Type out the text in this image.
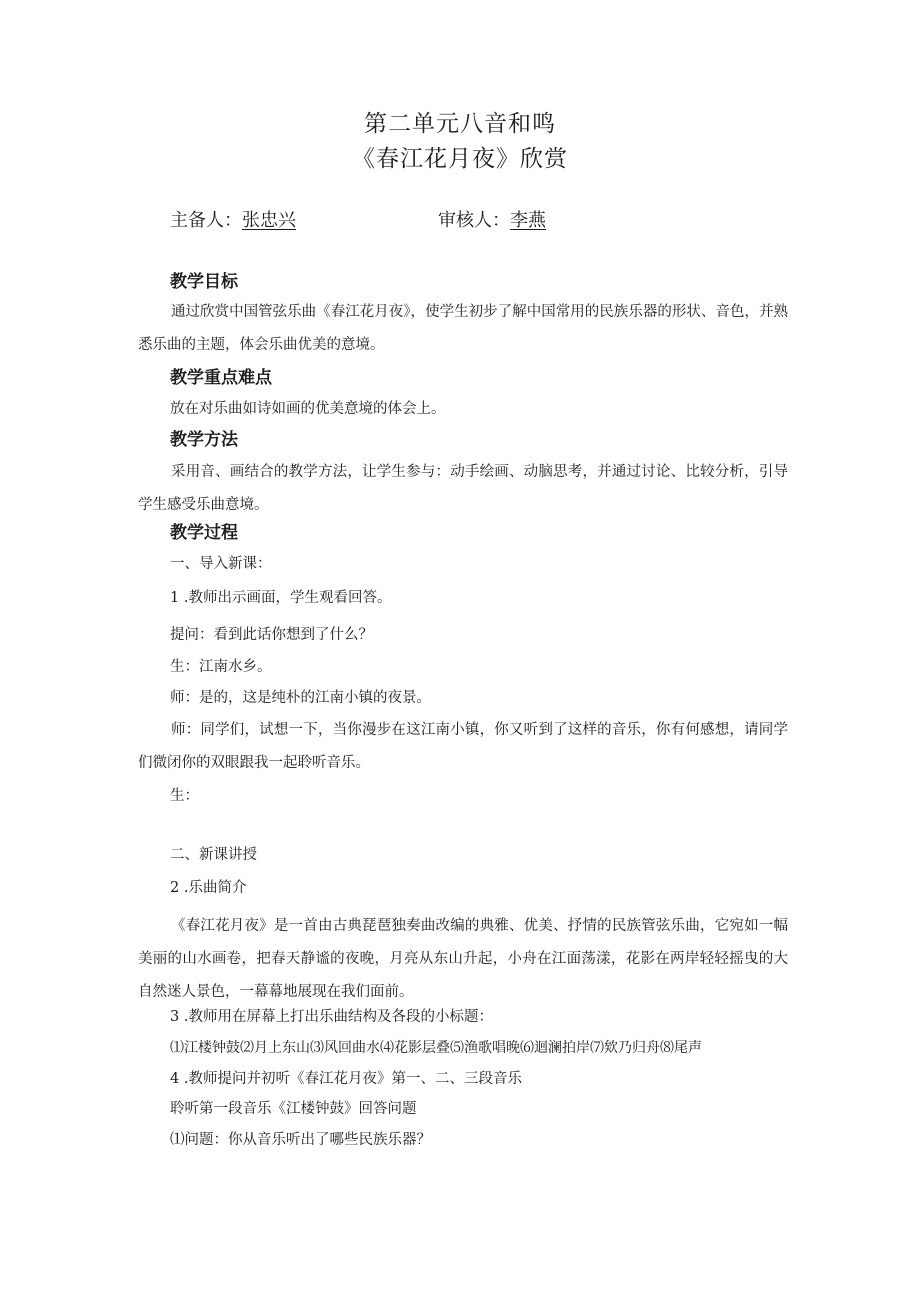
第二单元八音和鸣
《春江花月夜》欣赏
主备人：张忠兴	审核人：李燕
教学目标
通过欣赏中国管弦乐曲《春江花月夜》，使学生初步了解中国常用的民族乐器的形状、音色，并熟悉乐曲的主题，体会乐曲优美的意境。
教学重点难点
放在对乐曲如诗如画的优美意境的体会上。
教学方法
采用音、画结合的教学方法，让学生参与：动手绘画、动脑思考，并通过讨论、比较分析，引导学生感受乐曲意境。
教学过程
一、导入新课：
1 .教师出示画面，学生观看回答。
提问：看到此话你想到了什么？
生：江南水乡。
师：是的，这是纯朴的江南小镇的夜景。
师：同学们，试想一下，当你漫步在这江南小镇，你又听到了这样的音乐，你有何感想，请同学们微闭你的双眼跟我一起聆听音乐。
生：
二、新课讲授
2 .乐曲简介
《春江花月夜》是一首由古典琵琶独奏曲改编的典雅、优美、抒情的民族管弦乐曲，它宛如一幅美丽的山水画卷，把春天静谧的夜晚，月亮从东山升起，小舟在江面荡漾，花影在两岸轻轻摇曳的大自然迷人景色，一幕幕地展现在我们面前。
3 .教师用在屏幕上打出乐曲结构及各段的小标题：
⑴江楼钟鼓⑵月上东山⑶风回曲水⑷花影层叠⑸渔歌唱晚⑹迴澜拍岸⑺欸乃归舟⑻尾声
4 .教师提问并初听《春江花月夜》第一、二、三段音乐
聆听第一段音乐《江楼钟鼓》回答问题
⑴问题：你从音乐听出了哪些民族乐器？
